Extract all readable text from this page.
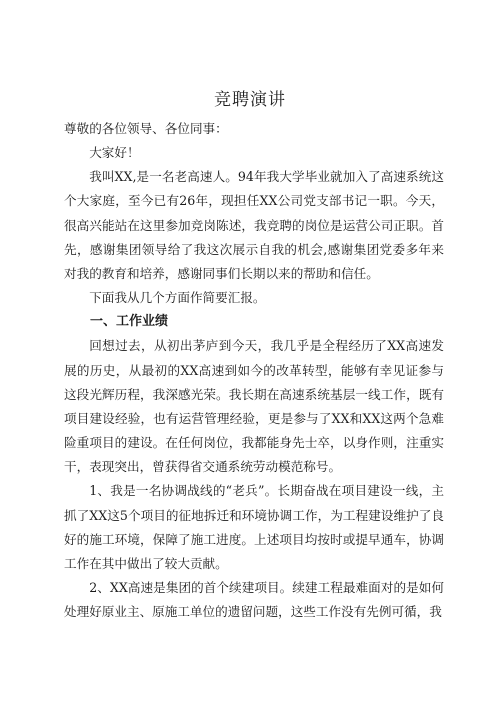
竞聘演讲

尊敬的各位领导、各位同事：

大家好！

我叫XX,是一名老高速人。94年我大学毕业就加入了高速系统这个大家庭，至今已有26年，现担任XX公司党支部书记一职。今天，很高兴能站在这里参加竞岗陈述，我竞聘的岗位是运营公司正职。首先，感谢集团领导给了我这次展示自我的机会,感谢集团党委多年来对我的教育和培养，感谢同事们长期以来的帮助和信任。

下面我从几个方面作简要汇报。

一、工作业绩

回想过去，从初出茅庐到今天，我几乎是全程经历了XX高速发展的历史，从最初的XX高速到如今的改革转型，能够有幸见证参与这段光辉历程，我深感光荣。我长期在高速系统基层一线工作，既有项目建设经验，也有运营管理经验，更是参与了XX和XX这两个急难险重项目的建设。在任何岗位，我都能身先士卒，以身作则，注重实干，表现突出，曾获得省交通系统劳动模范称号。

1、我是一名协调战线的“老兵”。长期奋战在项目建设一线，主抓了XX这5个项目的征地拆迁和环境协调工作，为工程建设维护了良好的施工环境，保障了施工进度。上述项目均按时或提早通车，协调工作在其中做出了较大贡献。

2、XX高速是集团的首个续建项目。续建工程最难面对的是如何处理好原业主、原施工单位的遗留问题，这些工作没有先例可循，我
